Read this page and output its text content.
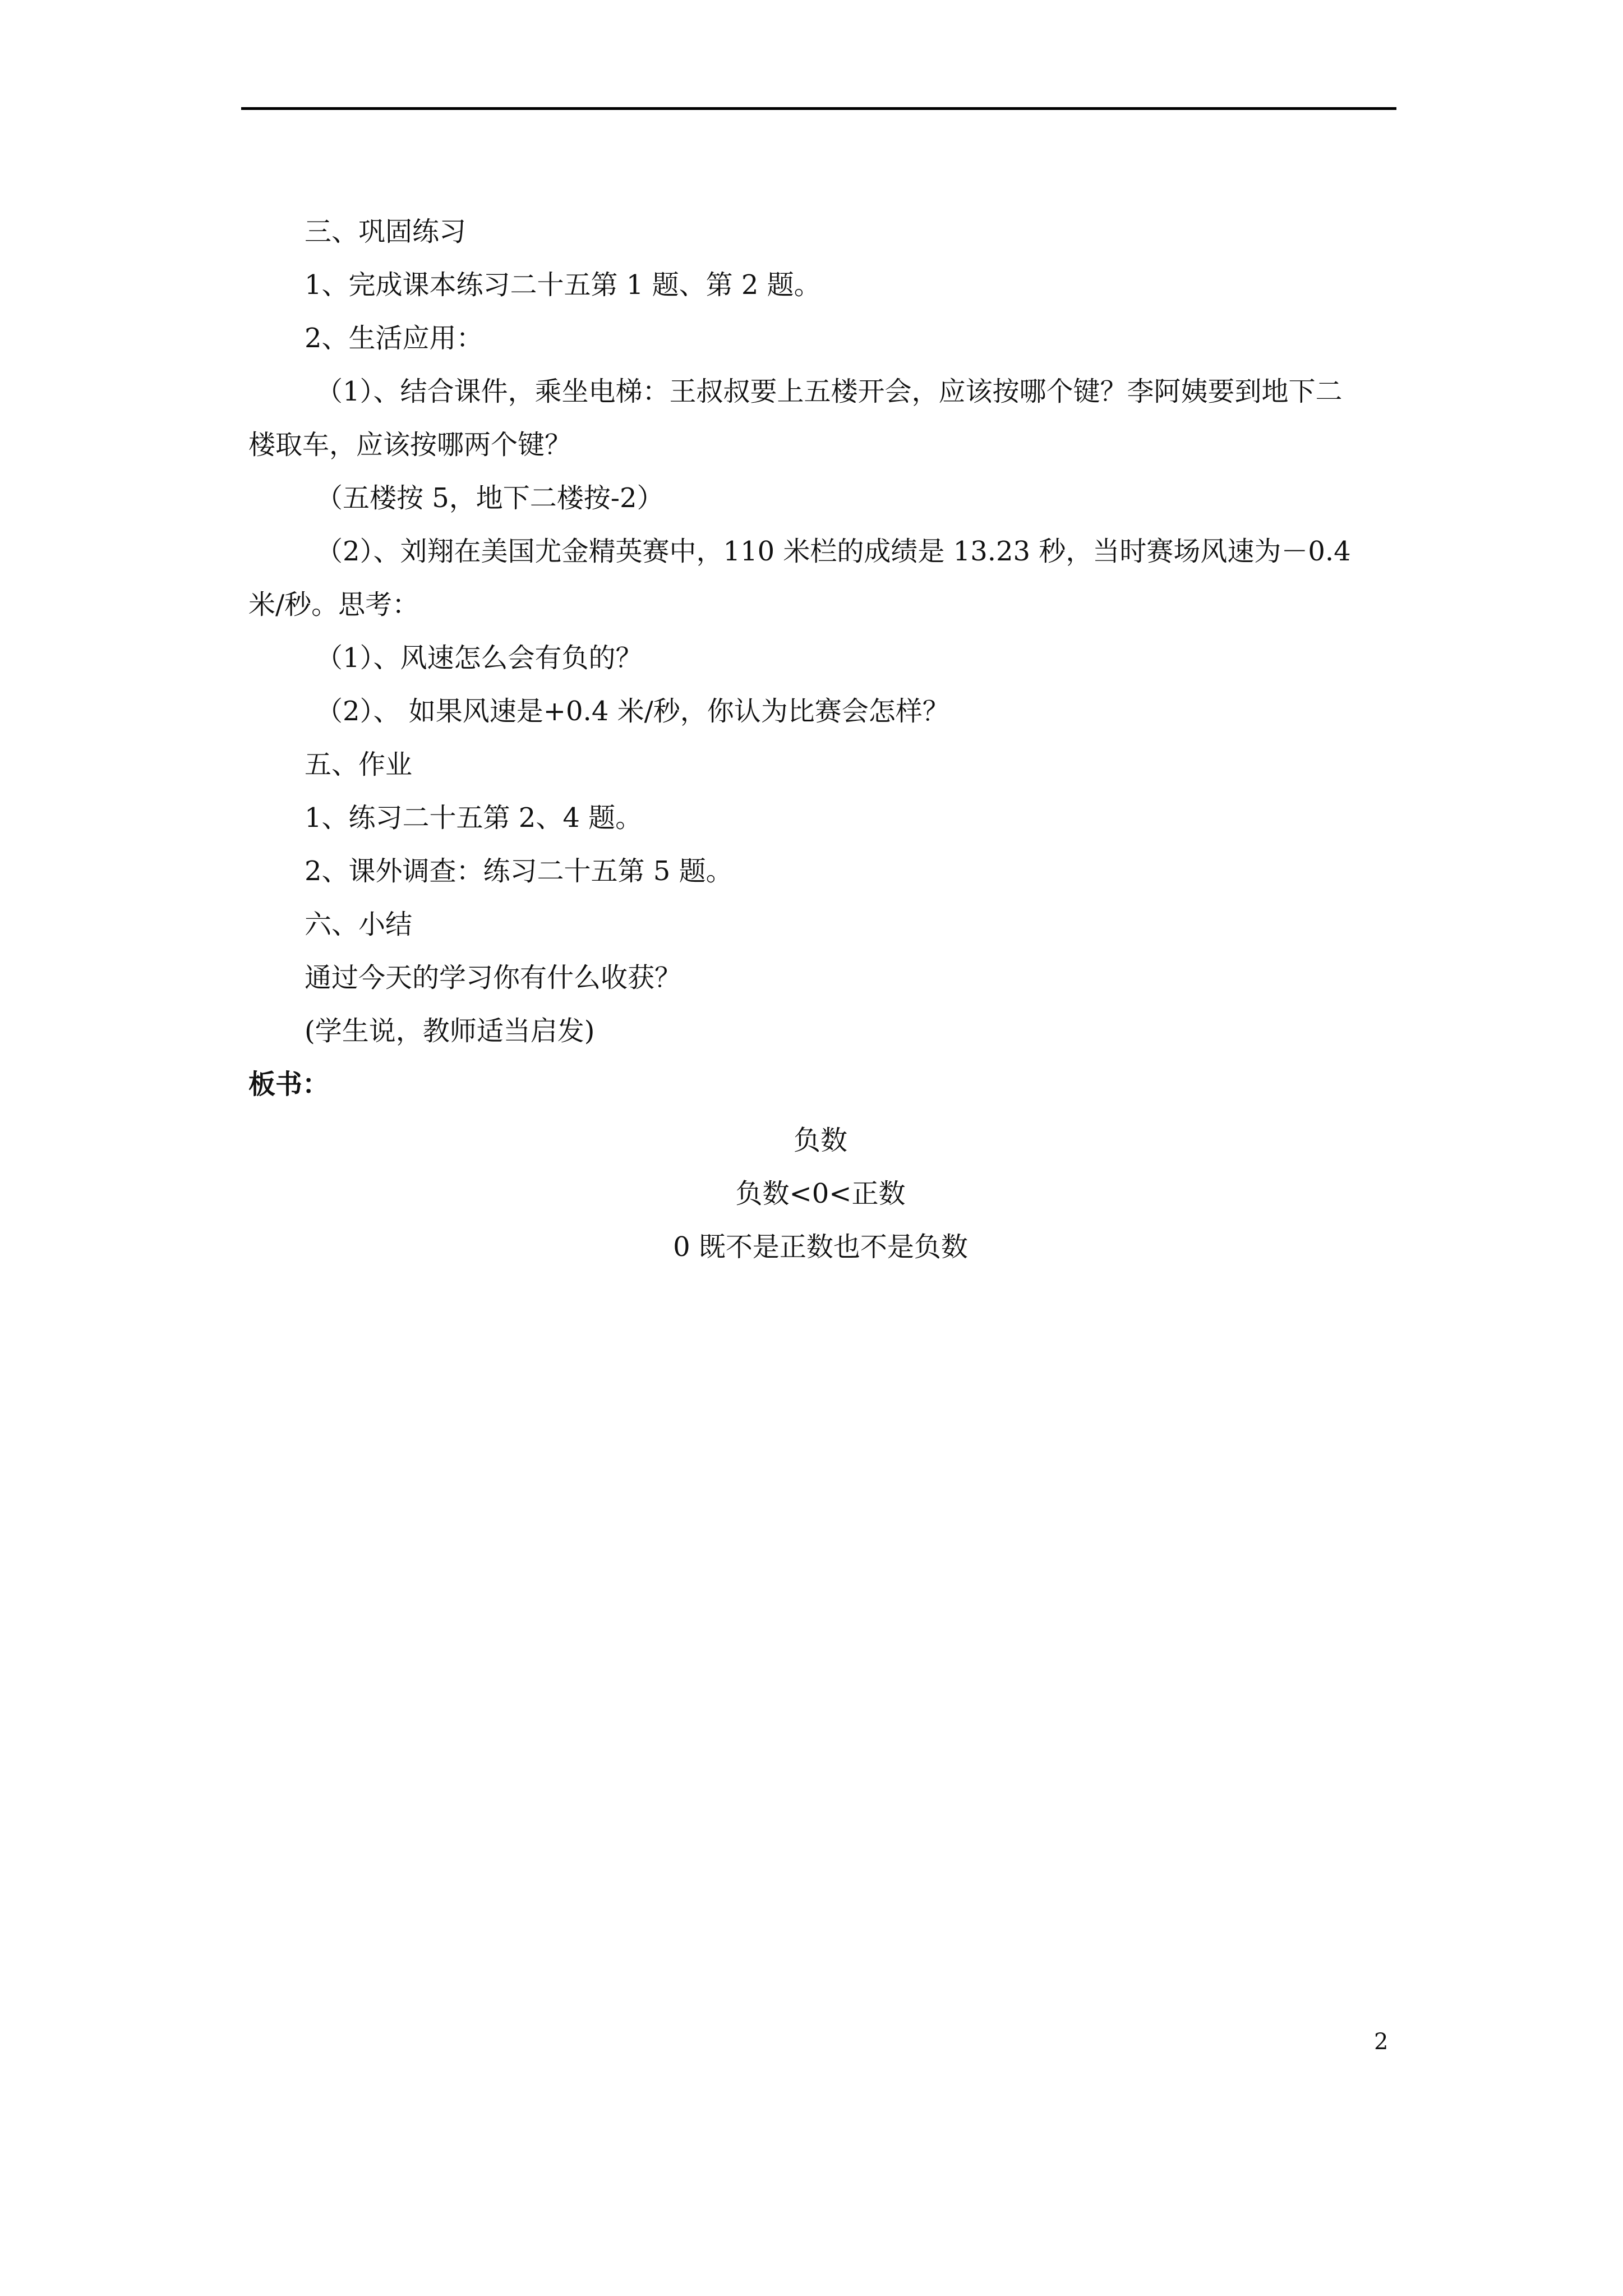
三、巩固练习
1、完成课本练习二十五第 1 题、第 2 题。
2、生活应用：
（1）、结合课件，乘坐电梯：王叔叔要上五楼开会，应该按哪个键？李阿姨要到地下二
楼取车，应该按哪两个键？
（五楼按 5，地下二楼按-2）
（2）、刘翔在美国尤金精英赛中，110 米栏的成绩是 13.23 秒，当时赛场风速为－0.4
米/秒。思考：
（1）、风速怎么会有负的？
（2）、 如果风速是+0.4 米/秒，你认为比赛会怎样？
五、作业
1、练习二十五第 2、4 题。
2、课外调查：练习二十五第 5 题。
六、小结
通过今天的学习你有什么收获？
(学生说，教师适当启发)
板书：
负数
负数<0<正数
0 既不是正数也不是负数
2
